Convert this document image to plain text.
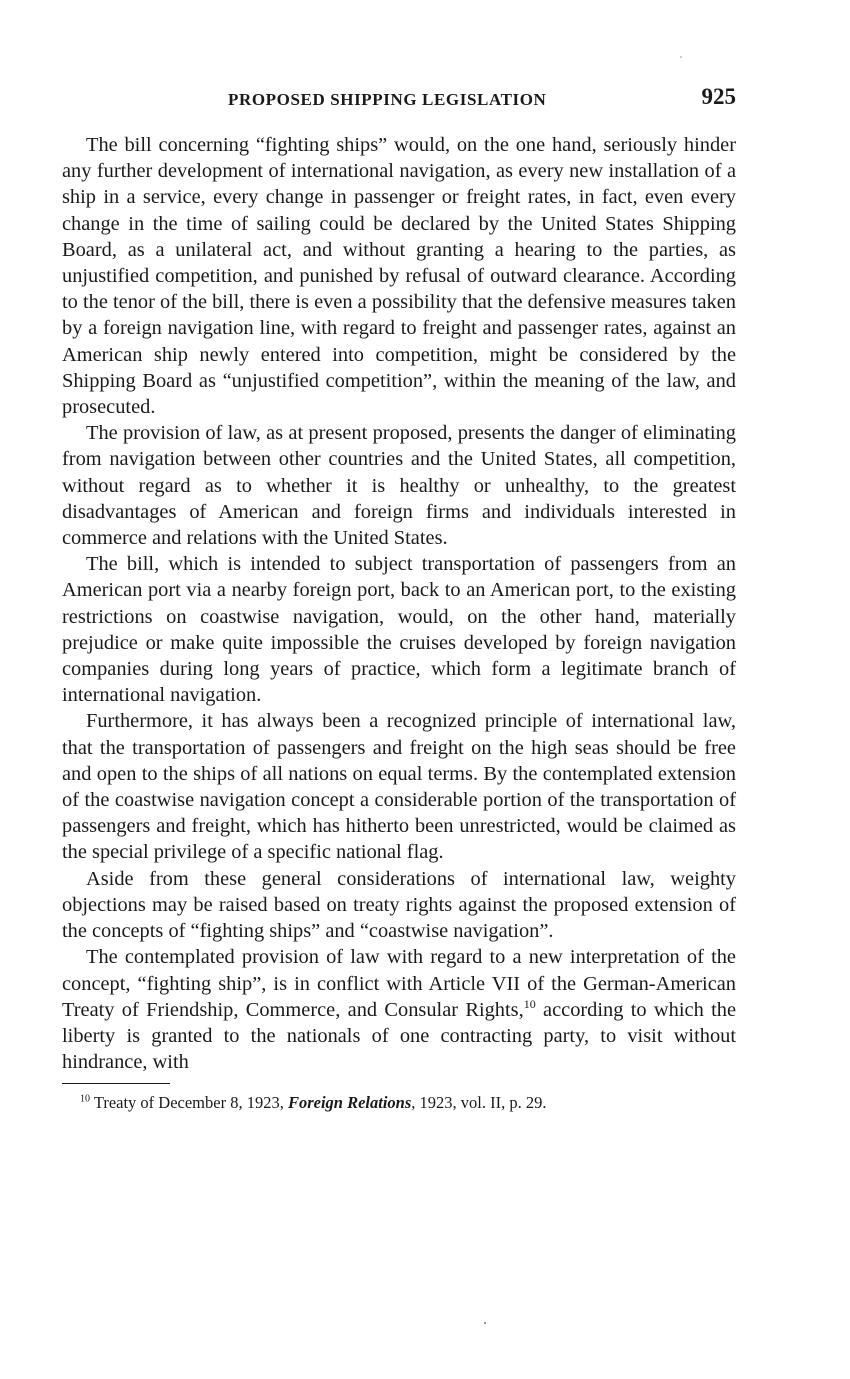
PROPOSED SHIPPING LEGISLATION	925

The bill concerning “fighting ships” would, on the one hand, seriously hinder any further development of international navigation, as every new installation of a ship in a service, every change in passenger or freight rates, in fact, even every change in the time of sailing could be declared by the United States Shipping Board, as a unilateral act, and without granting a hearing to the parties, as unjustified competition, and punished by refusal of outward clearance. According to the tenor of the bill, there is even a possibility that the defensive measures taken by a foreign navigation line, with regard to freight and passenger rates, against an American ship newly entered into competition, might be considered by the Shipping Board as “unjustified competition”, within the meaning of the law, and prosecuted.

The provision of law, as at present proposed, presents the danger of eliminating from navigation between other countries and the United States, all competition, without regard as to whether it is healthy or unhealthy, to the greatest disadvantages of American and foreign firms and individuals interested in commerce and relations with the United States.

The bill, which is intended to subject transportation of passengers from an American port via a nearby foreign port, back to an American port, to the existing restrictions on coastwise navigation, would, on the other hand, materially prejudice or make quite impossible the cruises developed by foreign navigation companies during long years of practice, which form a legitimate branch of international navigation.

Furthermore, it has always been a recognized principle of international law, that the transportation of passengers and freight on the high seas should be free and open to the ships of all nations on equal terms. By the contemplated extension of the coastwise navigation concept a considerable portion of the transportation of passengers and freight, which has hitherto been unrestricted, would be claimed as the special privilege of a specific national flag.

Aside from these general considerations of international law, weighty objections may be raised based on treaty rights against the proposed extension of the concepts of “fighting ships” and “coastwise navigation”.

The contemplated provision of law with regard to a new interpretation of the concept, “fighting ship”, is in conflict with Article VII of the German-American Treaty of Friendship, Commerce, and Consular Rights,$^{10}$ according to which the liberty is granted to the nationals of one contracting party, to visit without hindrance, with

$^{10}$ Treaty of December 8, 1923, Foreign Relations, 1923, vol. II, p. 29.
